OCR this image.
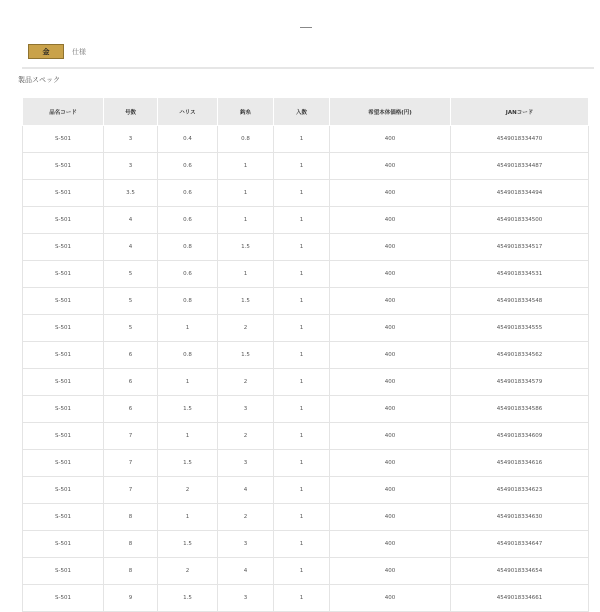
金	仕様
製品スペック
品名コード	号数	ハリス	鈎糸	入数	希望本体価格(円)	JANコード
S-501	3	0.4	0.8	1	400	4549018334470
S-501	3	0.6	1	1	400	4549018334487
S-501	3.5	0.6	1	1	400	4549018334494
S-501	4	0.6	1	1	400	4549018334500
S-501	4	0.8	1.5	1	400	4549018334517
S-501	5	0.6	1	1	400	4549018334531
S-501	5	0.8	1.5	1	400	4549018334548
S-501	5	1	2	1	400	4549018334555
S-501	6	0.8	1.5	1	400	4549018334562
S-501	6	1	2	1	400	4549018334579
S-501	6	1.5	3	1	400	4549018334586
S-501	7	1	2	1	400	4549018334609
S-501	7	1.5	3	1	400	4549018334616
S-501	7	2	4	1	400	4549018334623
S-501	8	1	2	1	400	4549018334630
S-501	8	1.5	3	1	400	4549018334647
S-501	8	2	4	1	400	4549018334654
S-501	9	1.5	3	1	400	4549018334661
